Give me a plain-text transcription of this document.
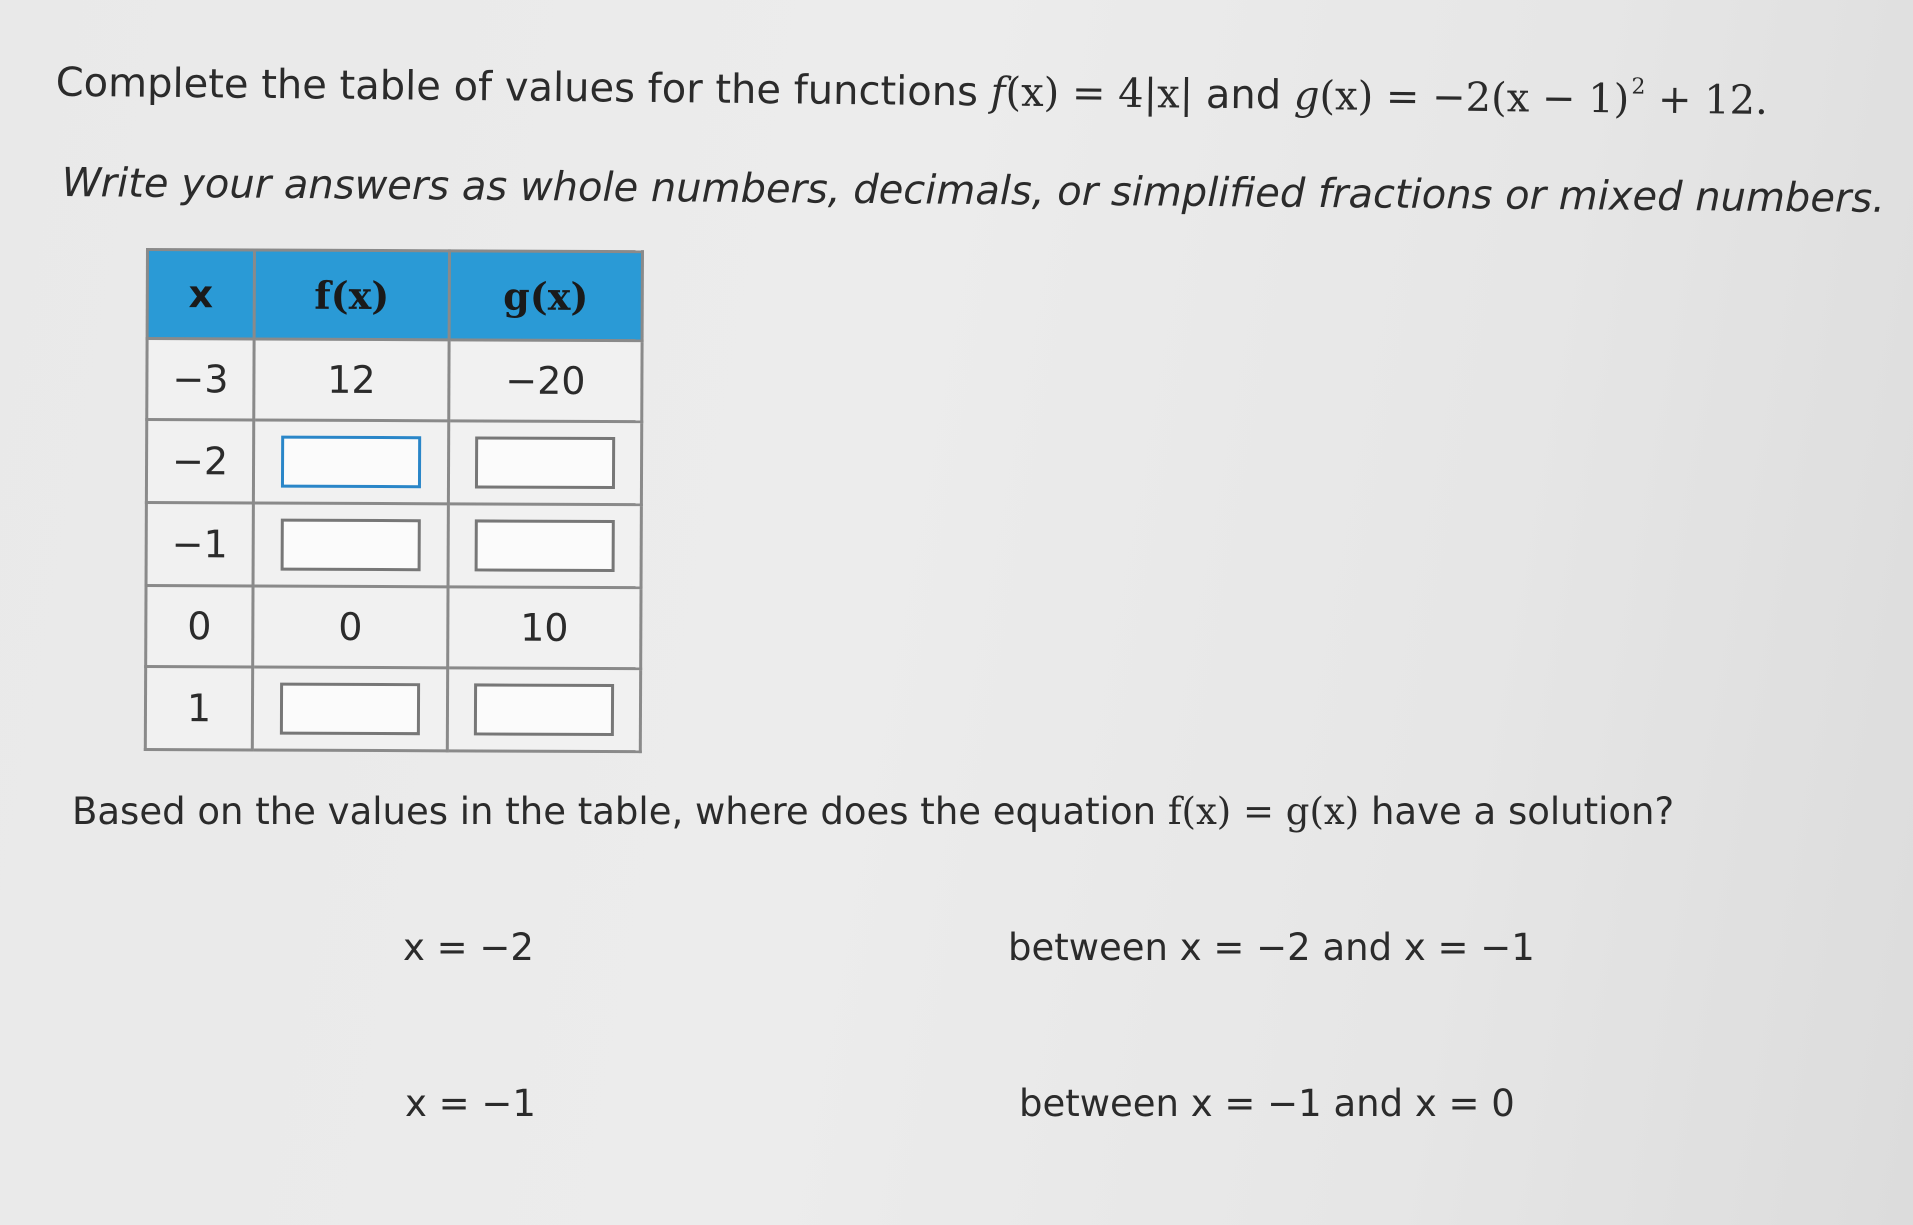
Complete the table of values for the functions f(x) = 4|x| and $g(x) = -2(x - 1)^2 + 12$.
Write your answers as whole numbers, decimals, or simplified fractions or mixed numbers.
x	f(x)	g(x)
−3	12	−20
−2		
−1		
0	0	10
1		
Based on the values in the table, where does the equation f(x) = g(x) have a solution?
x = −2	between x = −2 and x = −1
x = −1	between x = −1 and x = 0
